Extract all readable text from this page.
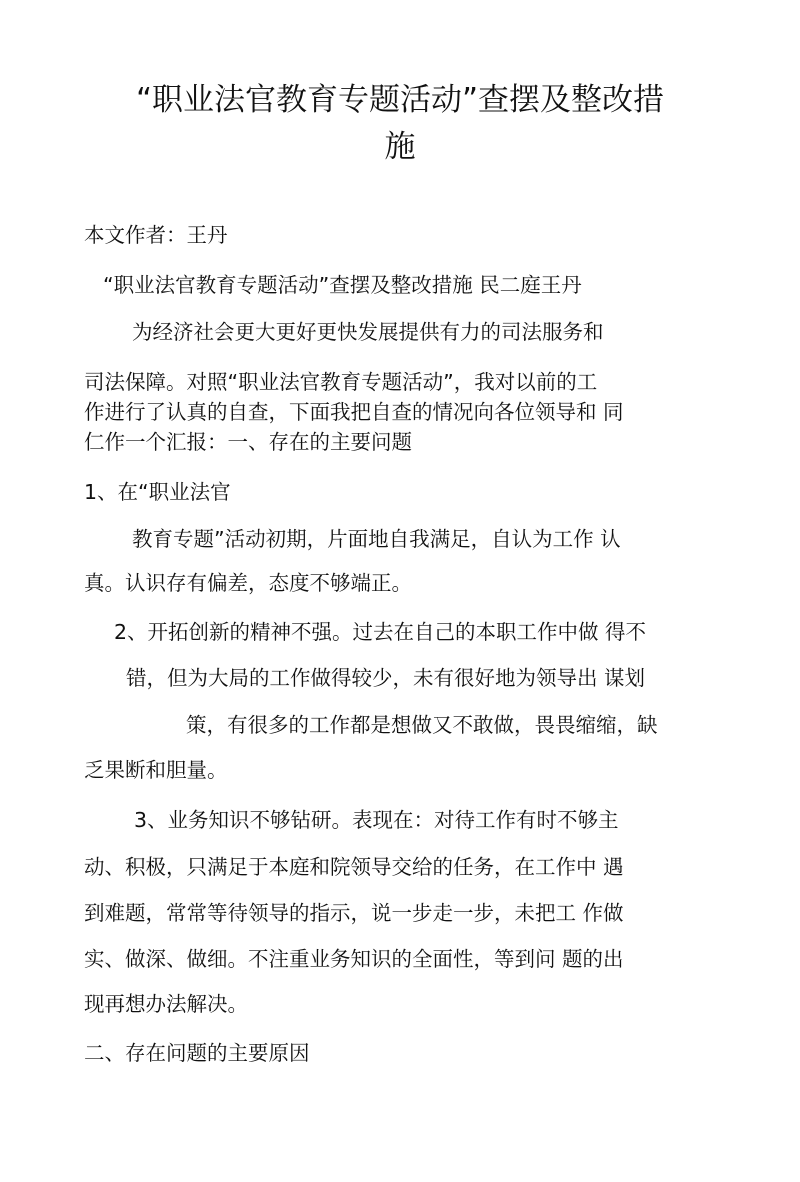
“职业法官教育专题活动”查摆及整改措
施

本文作者：王丹

“职业法官教育专题活动”查摆及整改措施 民二庭王丹

为经济社会更大更好更快发展提供有力的司法服务和

司法保障。对照“职业法官教育专题活动”，我对以前的工

作进行了认真的自查，下面我把自查的情况向各位领导和 同

仁作一个汇报：一、存在的主要问题

1、在“职业法官

教育专题”活动初期，片面地自我满足，自认为工作 认

真。认识存有偏差，态度不够端正。

2、开拓创新的精神不强。过去在自己的本职工作中做 得不

错，但为大局的工作做得较少，未有很好地为领导出 谋划

策，有很多的工作都是想做又不敢做，畏畏缩缩，缺

乏果断和胆量。

3、业务知识不够钻研。表现在：对待工作有时不够主

动、积极，只满足于本庭和院领导交给的任务，在工作中 遇

到难题，常常等待领导的指示，说一步走一步，未把工 作做

实、做深、做细。不注重业务知识的全面性，等到问 题的出

现再想办法解决。

二、存在问题的主要原因
